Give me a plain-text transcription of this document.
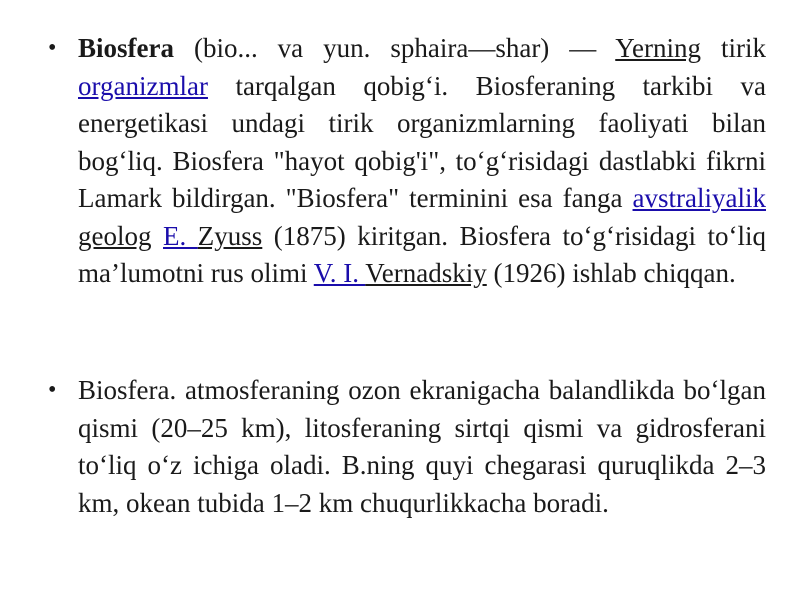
• Biosfera (bio... va yun. sphaira—shar) — Yerning tirik organizmlar tarqalgan qobig‘i. Biosferaning tarkibi va energetikasi undagi tirik organizmlarning faoliyati bilan bog‘liq. Biosfera "hayot qobig'i", to‘g‘risidagi dastlabki fikrni Lamark bildirgan. "Biosfera" terminini esa fanga avstraliyalik geolog E. Zyuss (1875) kiritgan. Biosfera to‘g‘risidagi to‘liq ma’lumotni rus olimi V. I. Vernadskiy (1926) ishlab chiqqan.
• Biosfera. atmosferaning ozon ekranigacha balandlikda bo‘lgan qismi (20–25 km), litosferaning sirtqi qismi va gidrosferani to‘liq o‘z ichiga oladi. B.ning quyi chegarasi quruqlikda 2–3 km, okean tubida 1–2 km chuqurlikkacha boradi.
